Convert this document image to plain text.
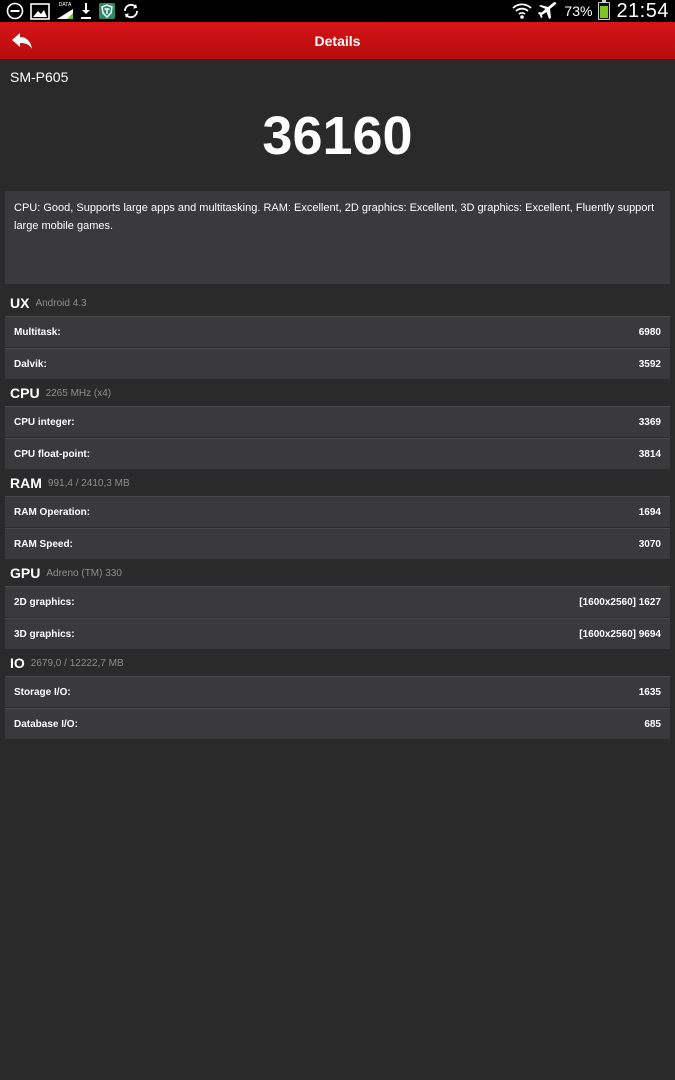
DATA	73% 21:54
Details
SM-P605
36160
CPU: Good, Supports large apps and multitasking. RAM: Excellent, 2D graphics: Excellent, 3D graphics: Excellent, Fluently support large mobile games.
UX Android 4.3
Multitask:	6980
Dalvik:	3592
CPU 2265 MHz (x4)
CPU integer:	3369
CPU float-point:	3814
RAM 991,4 / 2410,3 MB
RAM Operation:	1694
RAM Speed:	3070
GPU Adreno (TM) 330
2D graphics:	[1600x2560] 1627
3D graphics:	[1600x2560] 9694
IO 2679,0 / 12222,7 MB
Storage I/O:	1635
Database I/O:	685
